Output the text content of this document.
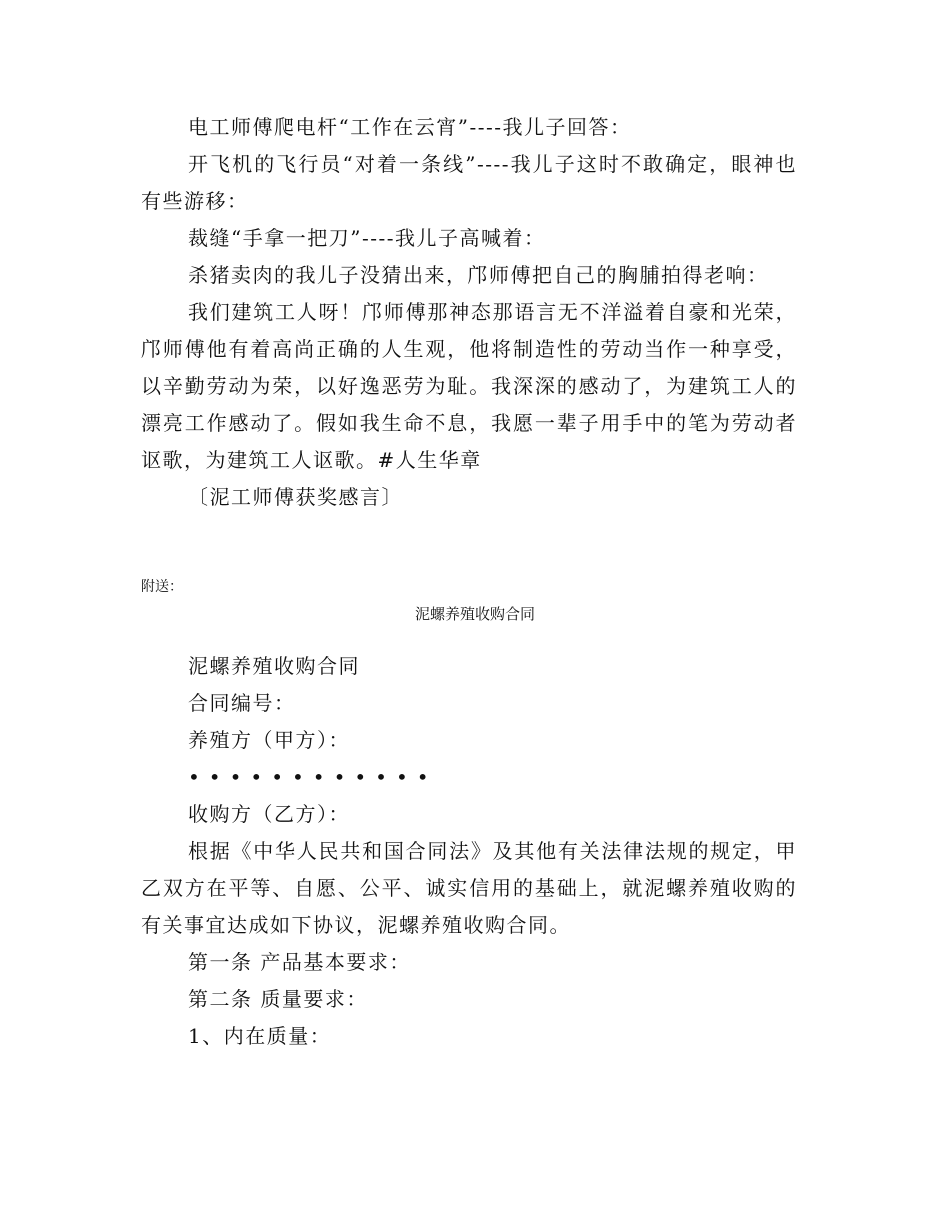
电工师傅爬电杆“工作在云宵”----我儿子回答：

开飞机的飞行员“对着一条线”----我儿子这时不敢确定，眼神也有些游移：

裁缝“手拿一把刀”----我儿子高喊着：

杀猪卖肉的我儿子没猜出来，邝师傅把自己的胸脯拍得老响：

我们建筑工人呀！邝师傅那神态那语言无不洋溢着自豪和光荣，邝师傅他有着高尚正确的人生观，他将制造性的劳动当作一种享受，以辛勤劳动为荣，以好逸恶劳为耻。我深深的感动了，为建筑工人的漂亮工作感动了。假如我生命不息，我愿一辈子用手中的笔为劳动者讴歌，为建筑工人讴歌。#人生华章

〔泥工师傅获奖感言〕

附送：

泥螺养殖收购合同

泥螺养殖收购合同

合同编号：

养殖方（甲方）：

••••••••••••

收购方（乙方）：

根据《中华人民共和国合同法》及其他有关法律法规的规定，甲乙双方在平等、自愿、公平、诚实信用的基础上，就泥螺养殖收购的有关事宜达成如下协议，泥螺养殖收购合同。

第一条 产品基本要求：

第二条 质量要求：

1、内在质量：
